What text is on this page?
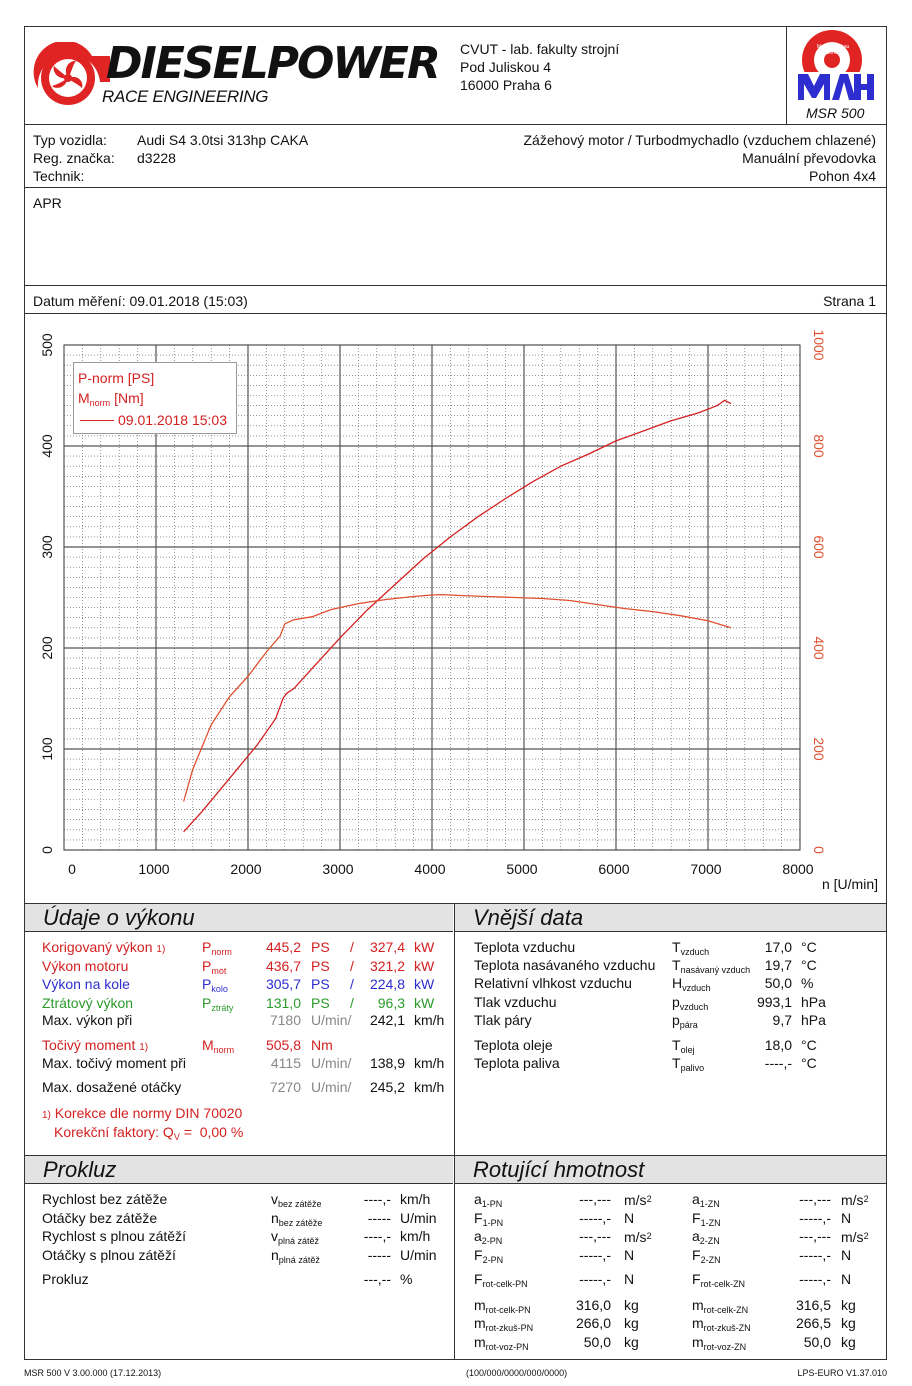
DIESELPOWER
RACE ENGINEERING
CVUT - lab. fakulty strojní
Pod Juliskou 4
16000 Praha 6
Maschinenbau Haldenwang
MSR 500
Typ vozidla: Audi S4 3.0tsi 313hp CAKA
Reg. značka: d3228
Technik:
Zážehový motor / Turbodmychadlo (vzduchem chlazené)
Manuální převodovka
Pohon 4x4
APR
Datum měření: 09.01.2018 (15:03)	Strana 1
0	1000	2000	3000	4000	5000	6000	7000	8000
0
100
200
300
400
500
0
200
400
600
800
1000
P-norm [PS]
$M_{norm}$ [Nm]
09.01.2018 15:03
n [U/min]
Údaje o výkonu	Vnější data
Korigovaný výkon 1)	$P_{norm}$ 445,2 PS / 327,4 kW
Výkon motoru	$P_{mot}$	436,7 PS / 321,2 kW
Výkon na kole	$P_{kolo}$	305,7 PS / 224,8 kW
Ztrátový výkon	$P_{ztráty}$ 131,0 PS / 96,3 kW
Max. výkon při	7180 U/min/ 242,1 km/h
Točivý moment 1)	$M_{norm}$ 505,8 Nm
Max. točivý moment při	4115 U/min/ 138,9 km/h
Max. dosažené otáčky	7270 U/min/ 245,2 km/h
1) Korekce dle normy DIN 70020
Korekční faktory: $Q_V = 0,00$ %
Teplota vzduchu	$T_{vzduch}$	17,0 °C
Teplota nasávaného vzduchu $T_{nasávaný vzduch}$ 19,7 °C
Relativní vlhkost vzduchu	$H_{vzduch}$	50,0 %
Tlak vzduchu	$p_{vzduch}$	993,1 hPa
Tlak páry	$p_{pára}$	9,7 hPa
Teplota oleje	$T_{olej}$	18,0 °C
Teplota paliva	$T_{palivo}$	----,- °C
Prokluz	Rotující hmotnost
Rychlost bez zátěže	$v_{bez zátěže}$	----,- km/h
Otáčky bez zátěže	$n_{bez zátěže}$	----- U/min
Rychlost s plnou zátěží	$v_{plná zátěž}$	----,- km/h
Otáčky s plnou zátěží	$n_{plná zátěž}$	----- U/min
Prokluz	---,-- %
$a_{1-PN}$	---,--- $m/s^2$
$F_{1-PN}$	-----,- N
$a_{2-PN}$	---,--- $m/s^2$
$F_{2-PN}$	-----,- N
$F_{rot-celk-PN}$	-----,- N
$m_{rot-celk-PN}$	316,0 kg
$m_{rot-zkuš-PN}$	266,0 kg
$m_{rot-voz-PN}$	50,0 kg
$a_{1-ZN}$	---,--- $m/s^2$
$F_{1-ZN}$	-----,- N
$a_{2-ZN}$	---,--- $m/s^2$
$F_{2-ZN}$	-----,- N
$F_{rot-celk-ZN}$	-----,- N
$m_{rot-celk-ZN}$	316,5 kg
$m_{rot-zkuš-ZN}$	266,5 kg
$m_{rot-voz-ZN}$	50,0 kg
MSR 500 V 3.00.000 (17.12.2013)	(100/000/0000/000/0000)	LPS-EURO V1.37.010
